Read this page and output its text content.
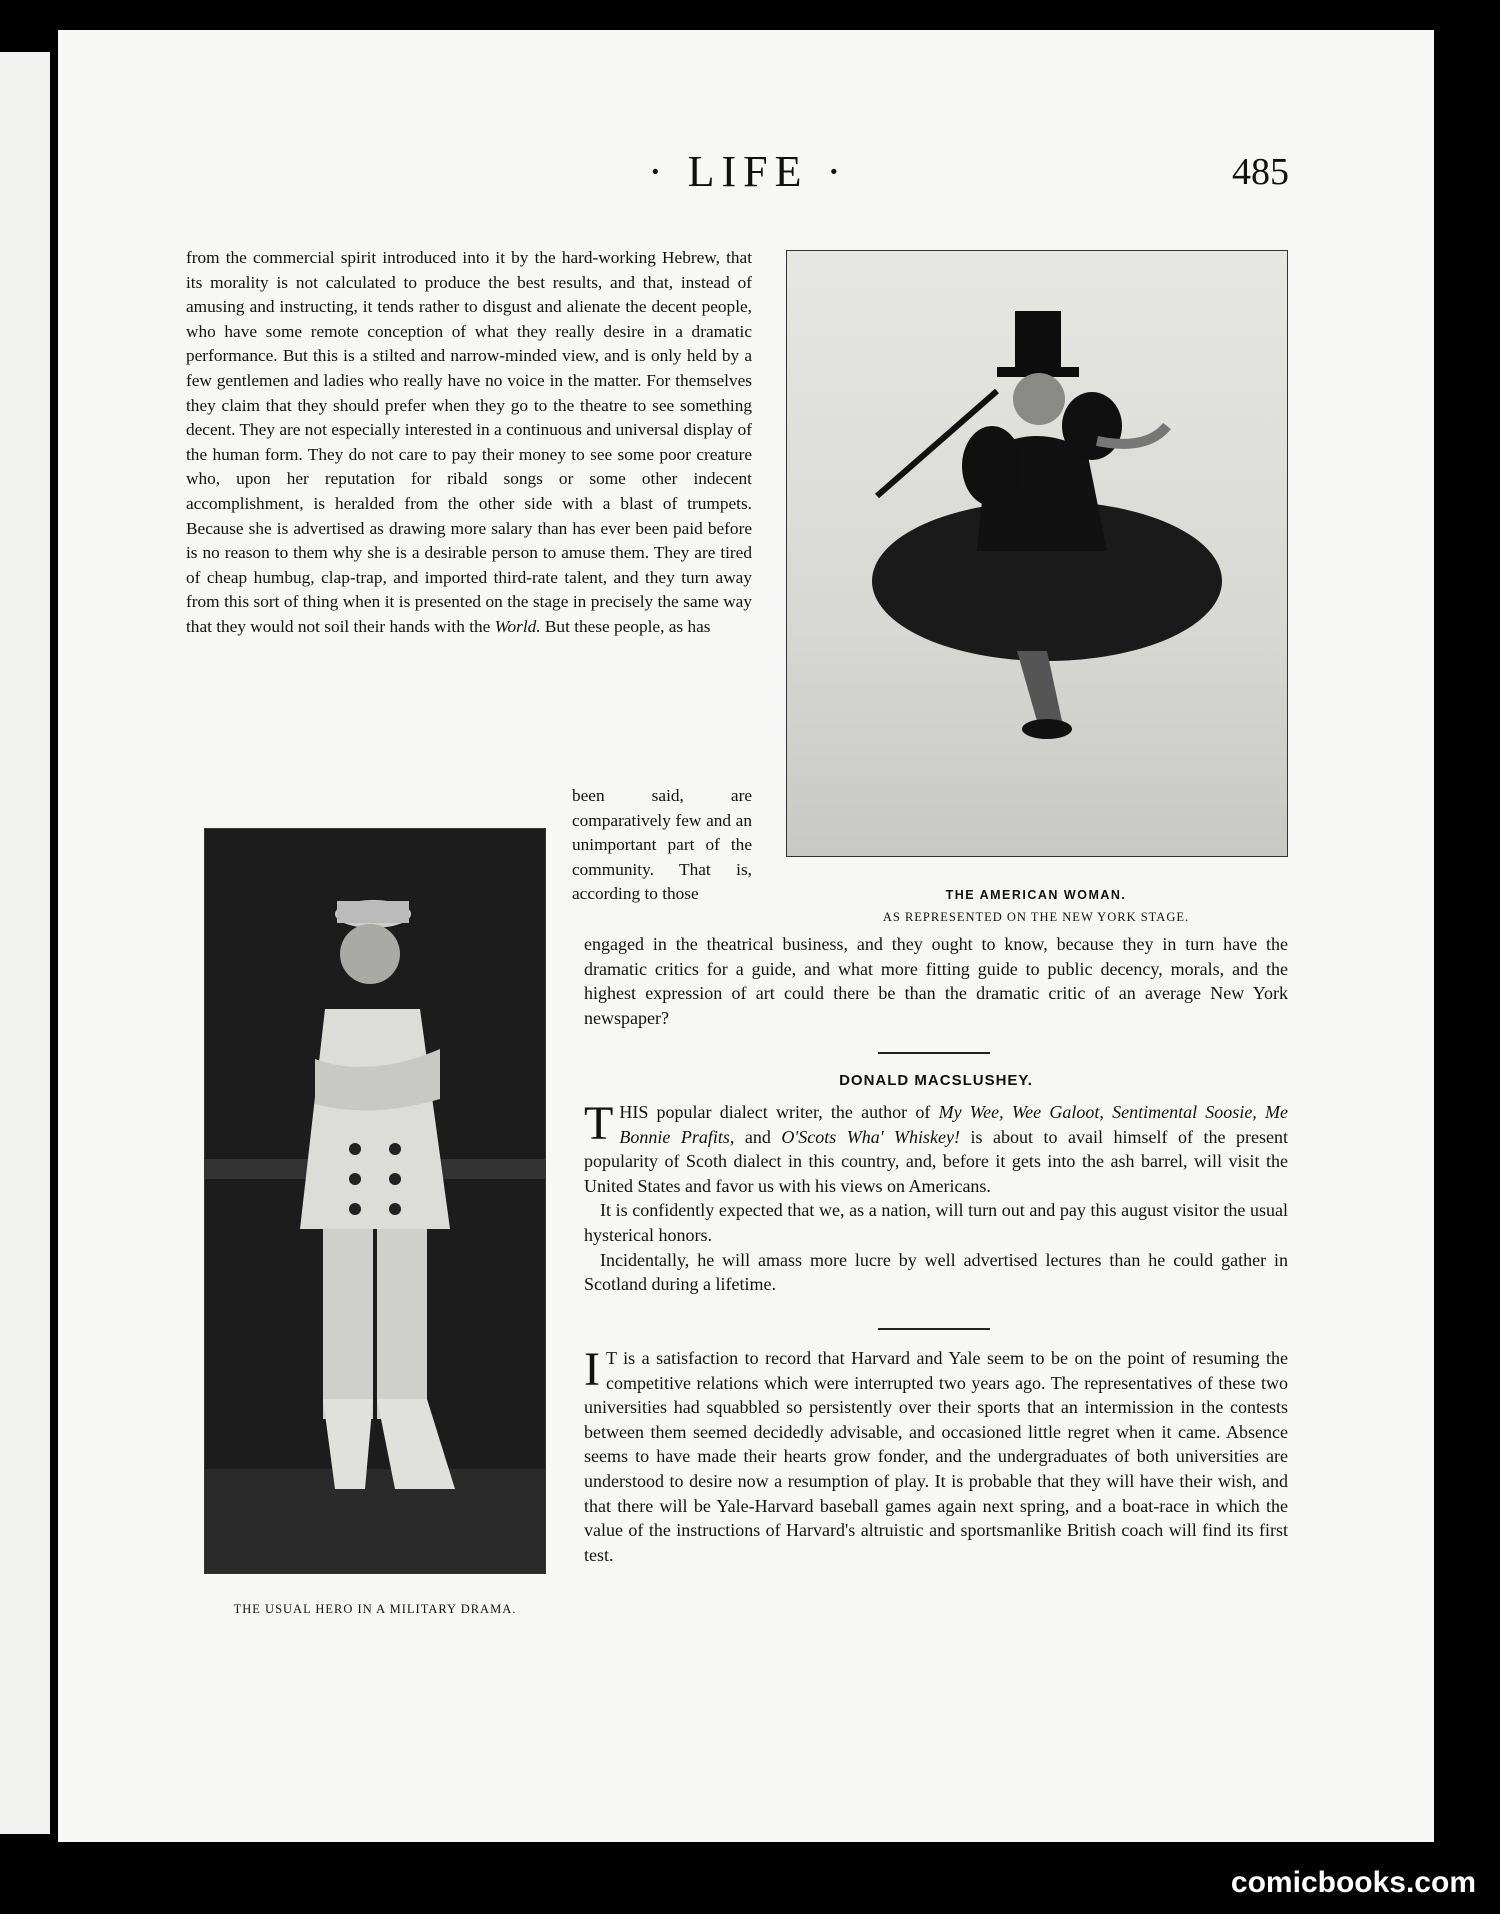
· LIFE ·	485

from the commercial spirit introduced into it by the hard-working Hebrew, that its morality is not calculated to produce the best results, and that, instead of amusing and instructing, it tends rather to disgust and alienate the decent people, who have some remote conception of what they really desire in a dramatic performance. But this is a stilted and narrow-minded view, and is only held by a few gentlemen and ladies who really have no voice in the matter. For themselves they claim that they should prefer when they go to the theatre to see something decent. They are not especially interested in a continuous and universal display of the human form. They do not care to pay their money to see some poor creature who, upon her reputation for ribald songs or some other indecent accomplishment, is heralded from the other side with a blast of trumpets. Because she is advertised as drawing more salary than has ever been paid before is no reason to them why she is a desirable person to amuse them. They are tired of cheap humbug, clap-trap, and imported third-rate talent, and they turn away from this sort of thing when it is presented on the stage in precisely the same way that they would not soil their hands with the World. But these people, as has

been said, are comparatively few and an unimportant part of the community. That is, according to those	THE AMERICAN WOMAN.
AS REPRESENTED ON THE NEW YORK STAGE.
THE USUAL HERO IN A MILITARY DRAMA.
engaged in the theatrical business, and they ought to know, because they in turn have the dramatic critics for a guide, and what more fitting guide to public decency, morals, and the highest expression of art could there be than the dramatic critic of an average New York newspaper?
DONALD MACSLUSHEY.

THIS popular dialect writer, the author of My Wee, Wee Galoot, Sentimental Soosie, Me Bonnie Prafits, and O'Scots Wha' Whiskey! is about to avail himself of the present popularity of Scoth dialect in this country, and, before it gets into the ash barrel, will visit the United States and favor us with his views on Americans.

It is confidently expected that we, as a nation, will turn out and pay this august visitor the usual hysterical honors.

Incidentally, he will amass more lucre by well advertised lectures than he could gather in Scotland during a lifetime.

I T is a satisfaction to record that Harvard and Yale seem to be on the point of resuming the competitive relations which were interrupted two years ago. The representatives of these two universities had squabbled so persistently over their sports that an intermission in the contests between them seemed decidedly advisable, and occasioned little regret when it came. Absence seems to have made their hearts grow fonder, and the undergraduates of both universities are understood to desire now a resumption of play. It is probable that they will have their wish, and that there will be Yale-Harvard baseball games again next spring, and a boat-race in which the value of the instructions of Harvard's altruistic and sportsmanlike British coach will find its first test.

comicbooks.com
